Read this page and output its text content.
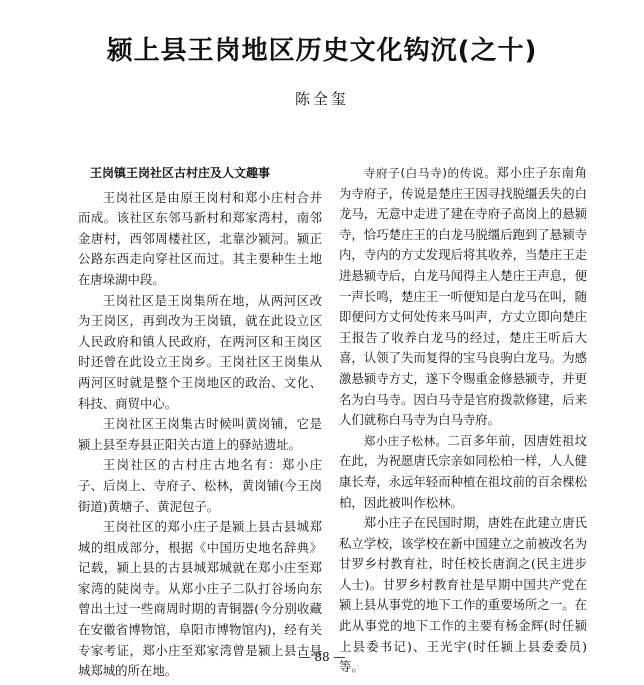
颍上县王岗地区历史文化钩沉(之十)
陈全玺
王岗镇王岗社区古村庄及人文趣事

王岗社区是由原王岗村和郑小庄村合并而成。该社区东邻马新村和郑家湾村，南邻金唐村，西邻周楼社区，北靠沙颍河。颍正公路东西走向穿社区而过。其主要种生土地在唐垛湖中段。

王岗社区是王岗集所在地，从两河区改为王岗区，再到改为王岗镇，就在此设立区人民政府和镇人民政府，在两河区和王岗区时还曾在此设立王岗乡。王岗社区王岗集从两河区时就是整个王岗地区的政治、文化、科技、商贸中心。

王岗社区王岗集古时候叫黄岗铺，它是颍上县至寿县正阳关古道上的驿站遗址。

王岗社区的古村庄古地名有：郑小庄子、后岗上、寺府子、松林，黄岗铺(今王岗街道)黄塘子、黄泥包子。

王岗社区的郑小庄子是颍上县古县城郑城的组成部分，根据《中国历史地名辞典》记载，颍上县的古县城郑城就在郑小庄至郑家湾的陡岗寺。从郑小庄子二队打谷场向东曾出土过一些商周时期的青铜器(今分别收藏在安徽省博物馆，阜阳市博物馆内)，经有关专家考证，郑小庄至郑家湾曾是颍上县古县城郑城的所在地。

寺府子(白马寺)的传说。郑小庄子东南角为寺府子，传说是楚庄王因寻找脱缰丢失的白龙马，无意中走进了建在寺府子高岗上的悬颍寺，恰巧楚庄王的白龙马脱缰后跑到了悬颍寺内，寺内的方丈发现后将其收养，当楚庄王走进悬颍寺后，白龙马闻得主人楚庄王声息，便一声长鸣，楚庄王一听便知是白龙马在叫，随即便问方丈何处传来马叫声，方丈立即向楚庄王报告了收养白龙马的经过，楚庄王听后大喜，认领了失而复得的宝马良驹白龙马。为感激悬颍寺方丈，遂下令赐重金修悬颍寺，并更名为白马寺。因白马寺是官府拨款修建，后来人们就称白马寺为白马寺府。

郑小庄子松林。二百多年前，因唐姓祖坟在此，为祝愿唐氏宗亲如同松柏一样，人人健康长寿，永远年轻而种植在祖坟前的百余棵松柏，因此被叫作松林。

郑小庄子在民国时期，唐姓在此建立唐氏私立学校，该学校在新中国建立之前被改名为甘罗乡村教育社，时任校长唐润之(民主进步人士)。甘罗乡村教育社是早期中国共产党在颍上县从事党的地下工作的重要场所之一。在此从事党的地下工作的主要有杨金辉(时任颍上县委书记)、王光宇(时任颍上县委委员)等。

— 88 —
